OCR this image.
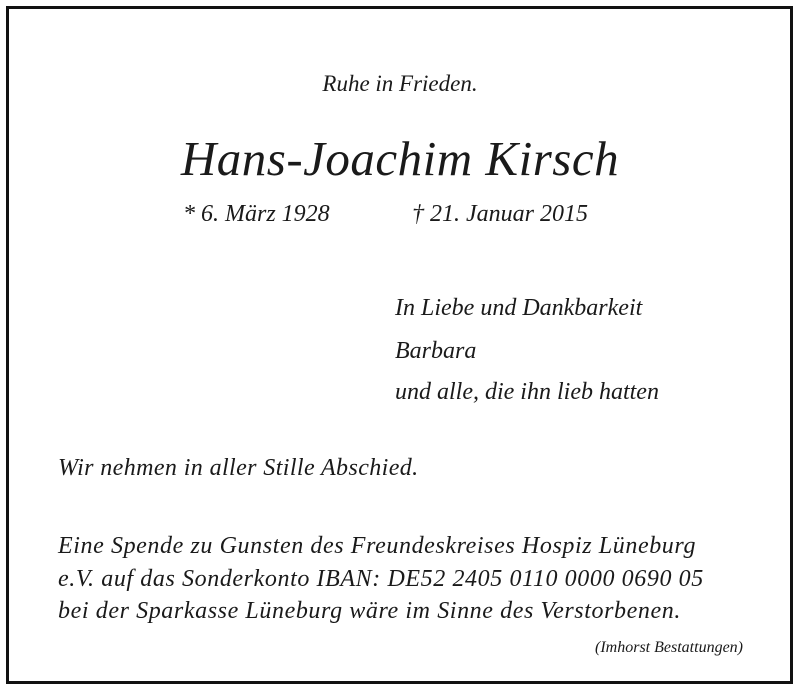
Ruhe in Frieden.

Hans-Joachim Kirsch

* 6. März 1928	† 21. Januar 2015

In Liebe und Dankbarkeit

Barbara

und alle, die ihn lieb hatten

Wir nehmen in aller Stille Abschied.

Eine Spende zu Gunsten des Freundeskreises Hospiz Lüneburg

e.V. auf das Sonderkonto IBAN: DE52 2405 0110 0000 0690 05

bei der Sparkasse Lüneburg wäre im Sinne des Verstorbenen.

(Imhorst Bestattungen)
